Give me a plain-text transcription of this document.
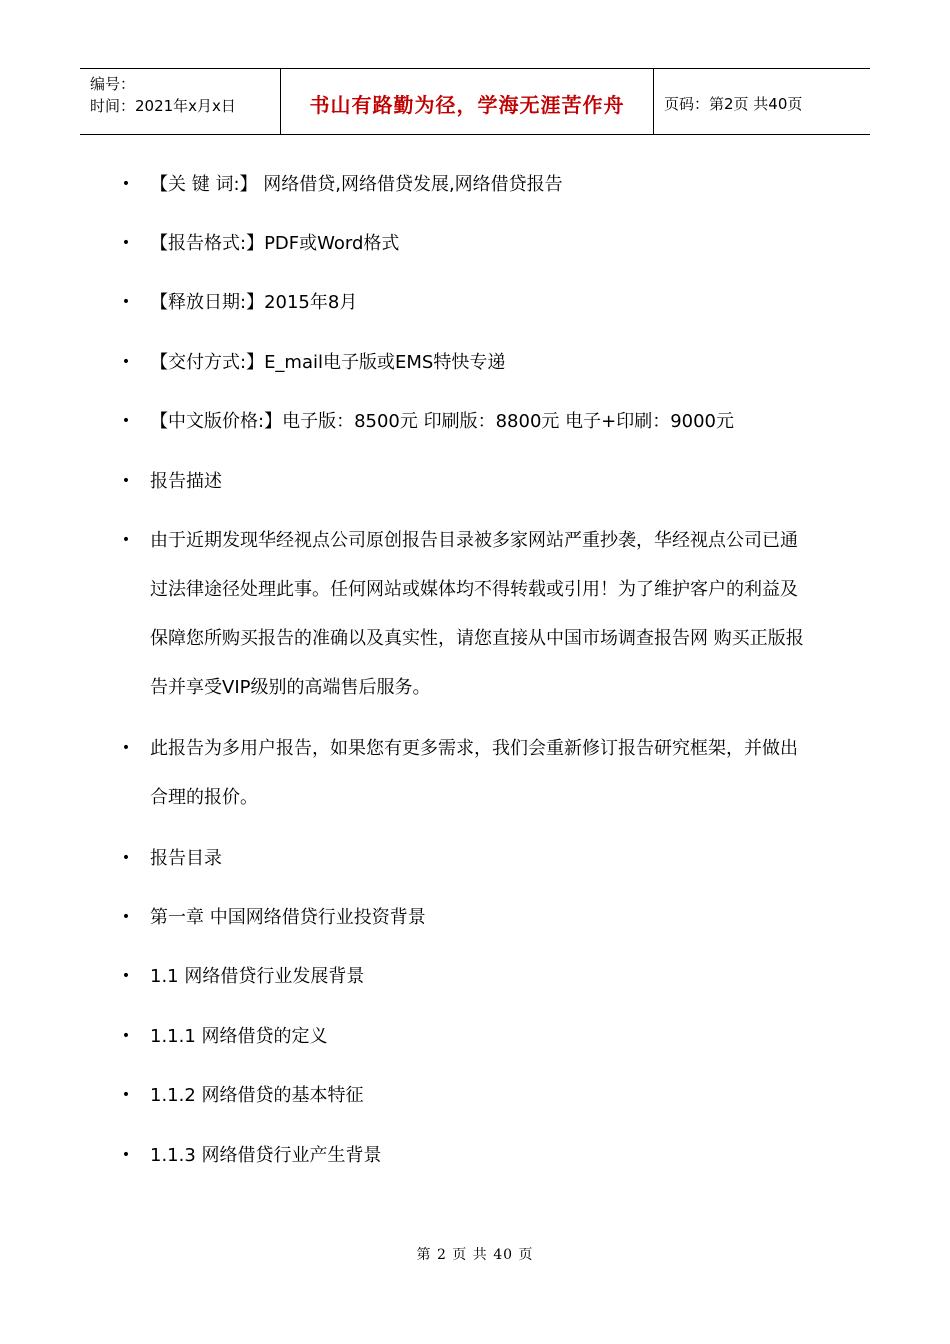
编号：
时间：2021年x月x日	书山有路勤为径，学海无涯苦作舟	页码：第2页 共40页
• 【关 键 词:】 网络借贷,网络借贷发展,网络借贷报告
• 【报告格式:】PDF或Word格式
• 【释放日期:】2015年8月
• 【交付方式:】E_mail电子版或EMS特快专递
• 【中文版价格:】电子版：8500元 印刷版：8800元 电子+印刷：9000元
• 报告描述
• 由于近期发现华经视点公司原创报告目录被多家网站严重抄袭，华经视点公司已通过法律途径处理此事。任何网站或媒体均不得转载或引用！为了维护客户的利益及保障您所购买报告的准确以及真实性，请您直接从中国市场调查报告网 购买正版报告并享受VIP级别的高端售后服务。
• 此报告为多用户报告，如果您有更多需求，我们会重新修订报告研究框架，并做出合理的报价。
• 报告目录
• 第一章 中国网络借贷行业投资背景
• 1.1 网络借贷行业发展背景
• 1.1.1 网络借贷的定义
• 1.1.2 网络借贷的基本特征
• 1.1.3 网络借贷行业产生背景
第 2 页 共 40 页
